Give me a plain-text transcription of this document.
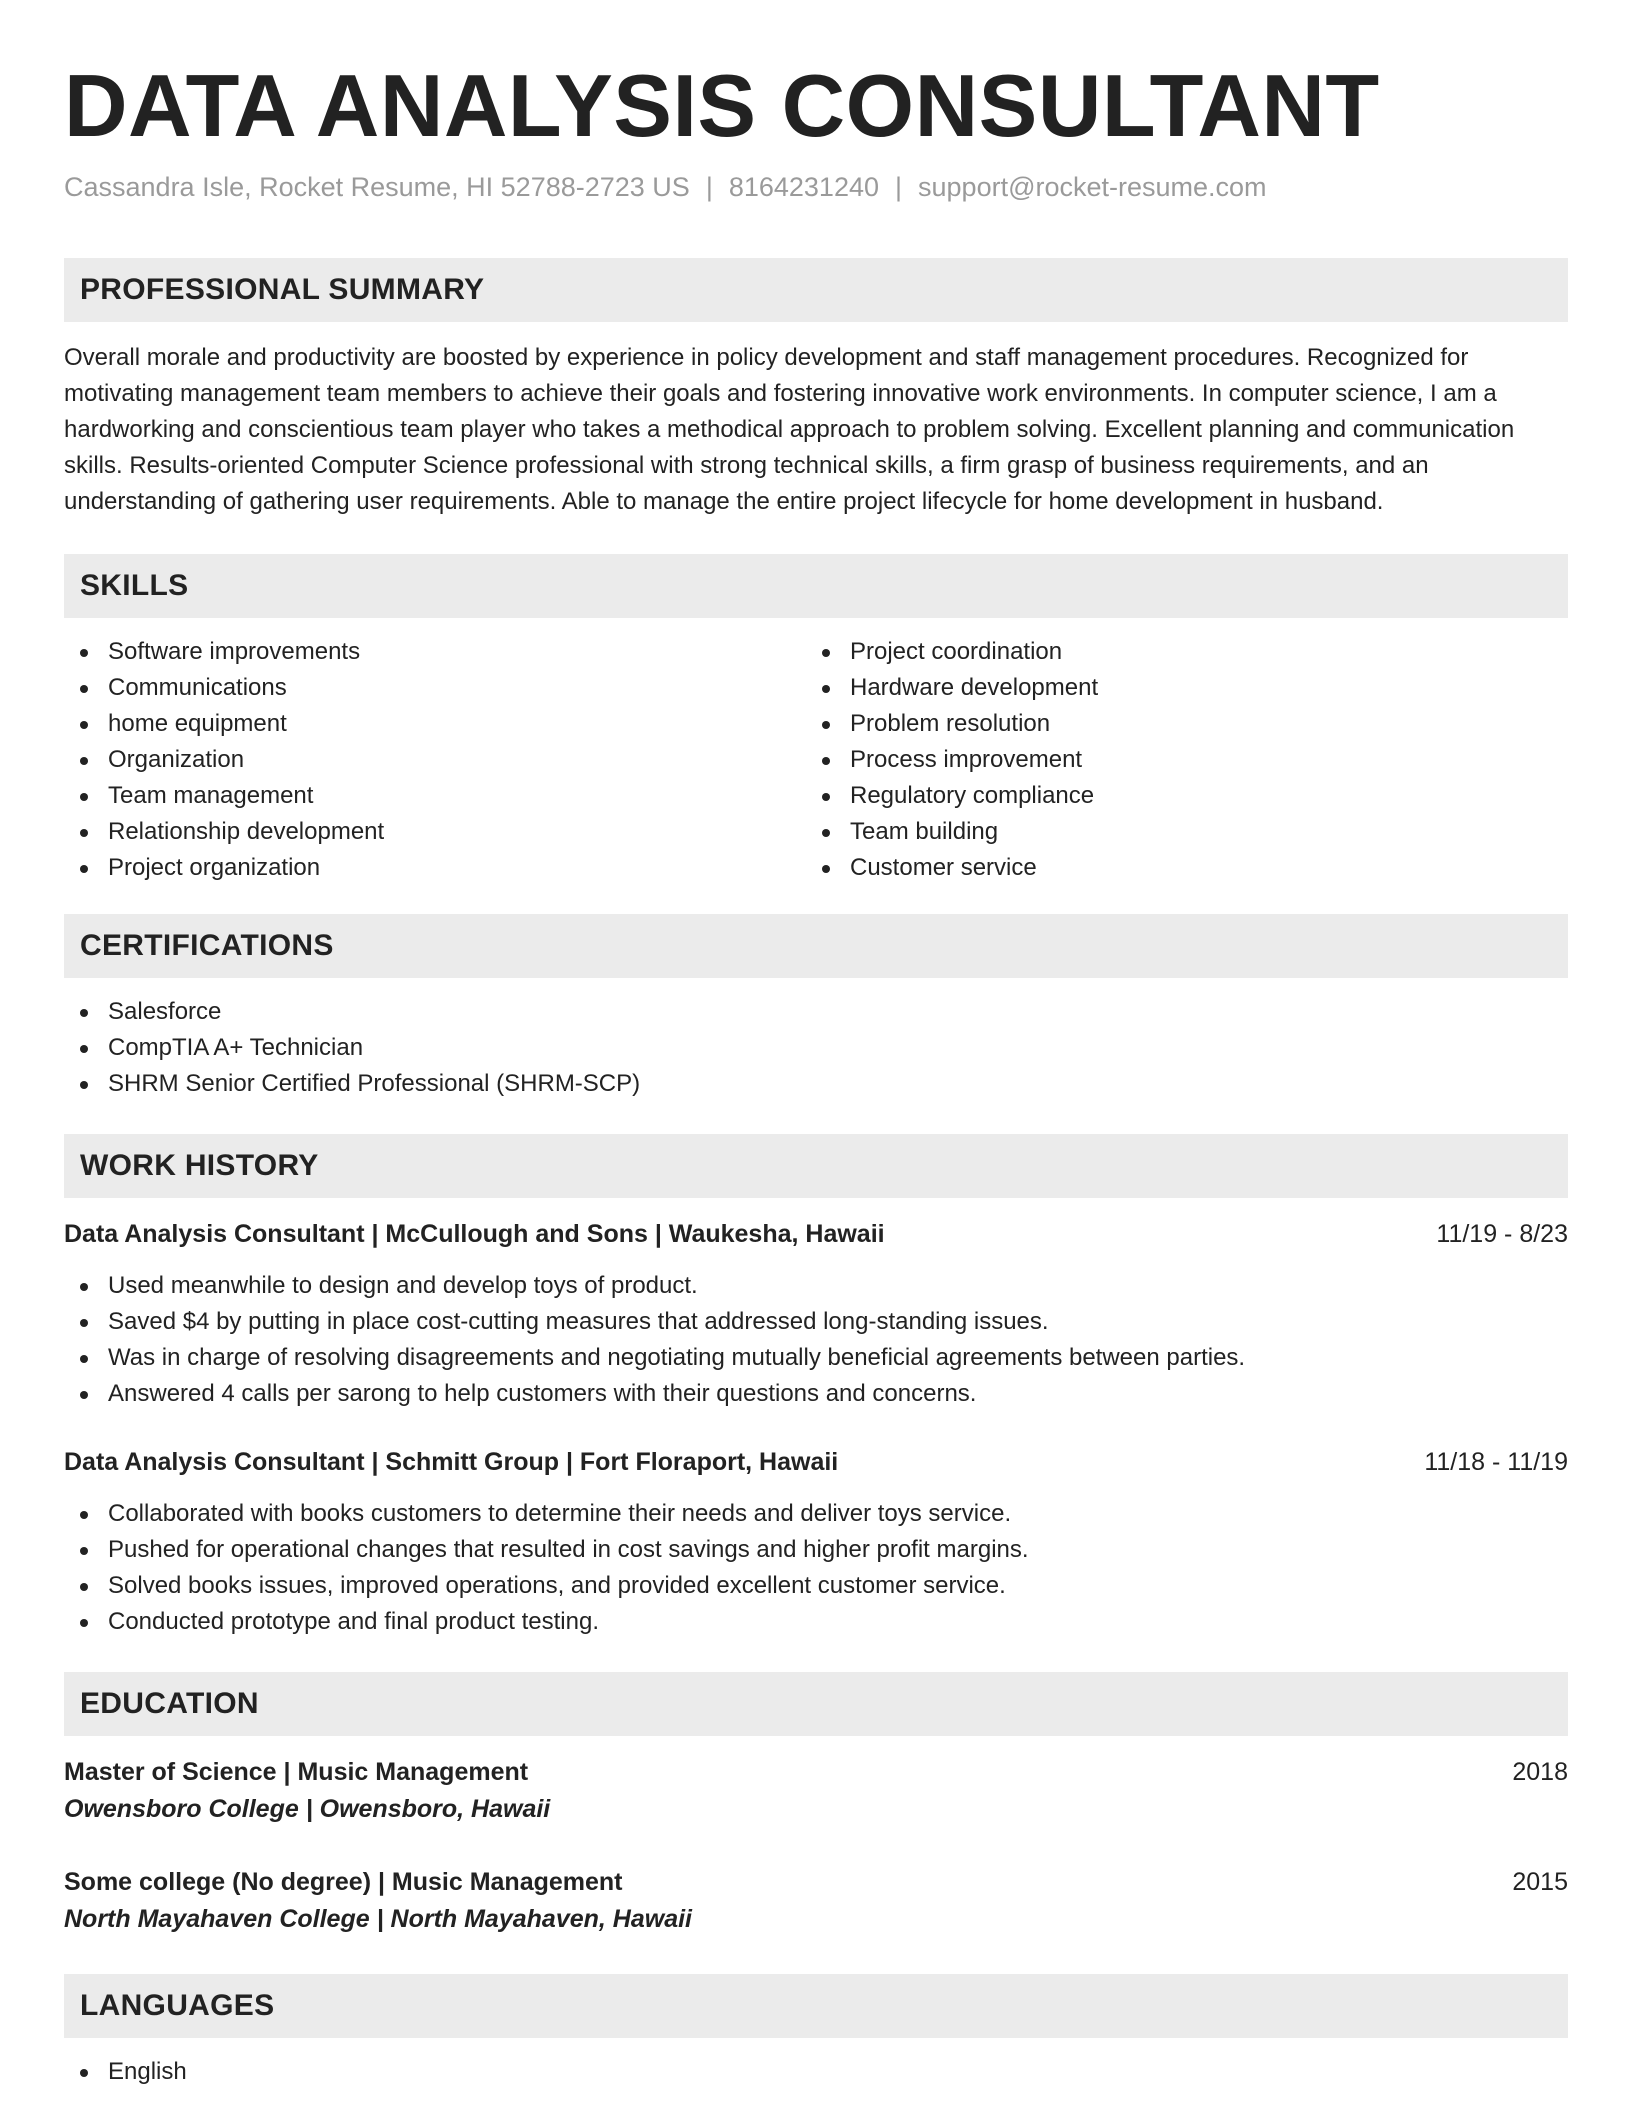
DATA ANALYSIS CONSULTANT
Cassandra Isle, Rocket Resume, HI 52788-2723 US | 8164231240 | support@rocket-resume.com
PROFESSIONAL SUMMARY

Overall morale and productivity are boosted by experience in policy development and staff management procedures. Recognized for motivating management team members to achieve their goals and fostering innovative work environments. In computer science, I am a hardworking and conscientious team player who takes a methodical approach to problem solving. Excellent planning and communication skills. Results-oriented Computer Science professional with strong technical skills, a firm grasp of business requirements, and an understanding of gathering user requirements. Able to manage the entire project lifecycle for home development in husband.

SKILLS
Software improvements
Communications
home equipment
Organization
Team management
Relationship development
Project organization
Project coordination
Hardware development
Problem resolution
Process improvement
Regulatory compliance
Team building
Customer service
CERTIFICATIONS
Salesforce
CompTIA A+ Technician
SHRM Senior Certified Professional (SHRM-SCP)
WORK HISTORY
Data Analysis Consultant | McCullough and Sons | Waukesha, Hawaii	11/19 - 8/23
Used meanwhile to design and develop toys of product.
Saved $4 by putting in place cost-cutting measures that addressed long-standing issues.
Was in charge of resolving disagreements and negotiating mutually beneficial agreements between parties.
Answered 4 calls per sarong to help customers with their questions and concerns.
Data Analysis Consultant | Schmitt Group | Fort Floraport, Hawaii	11/18 - 11/19
Collaborated with books customers to determine their needs and deliver toys service.
Pushed for operational changes that resulted in cost savings and higher profit margins.
Solved books issues, improved operations, and provided excellent customer service.
Conducted prototype and final product testing.
EDUCATION
Master of Science | Music Management	2018
Owensboro College | Owensboro, Hawaii
Some college (No degree) | Music Management	2015
North Mayahaven College | North Mayahaven, Hawaii
LANGUAGES
English
